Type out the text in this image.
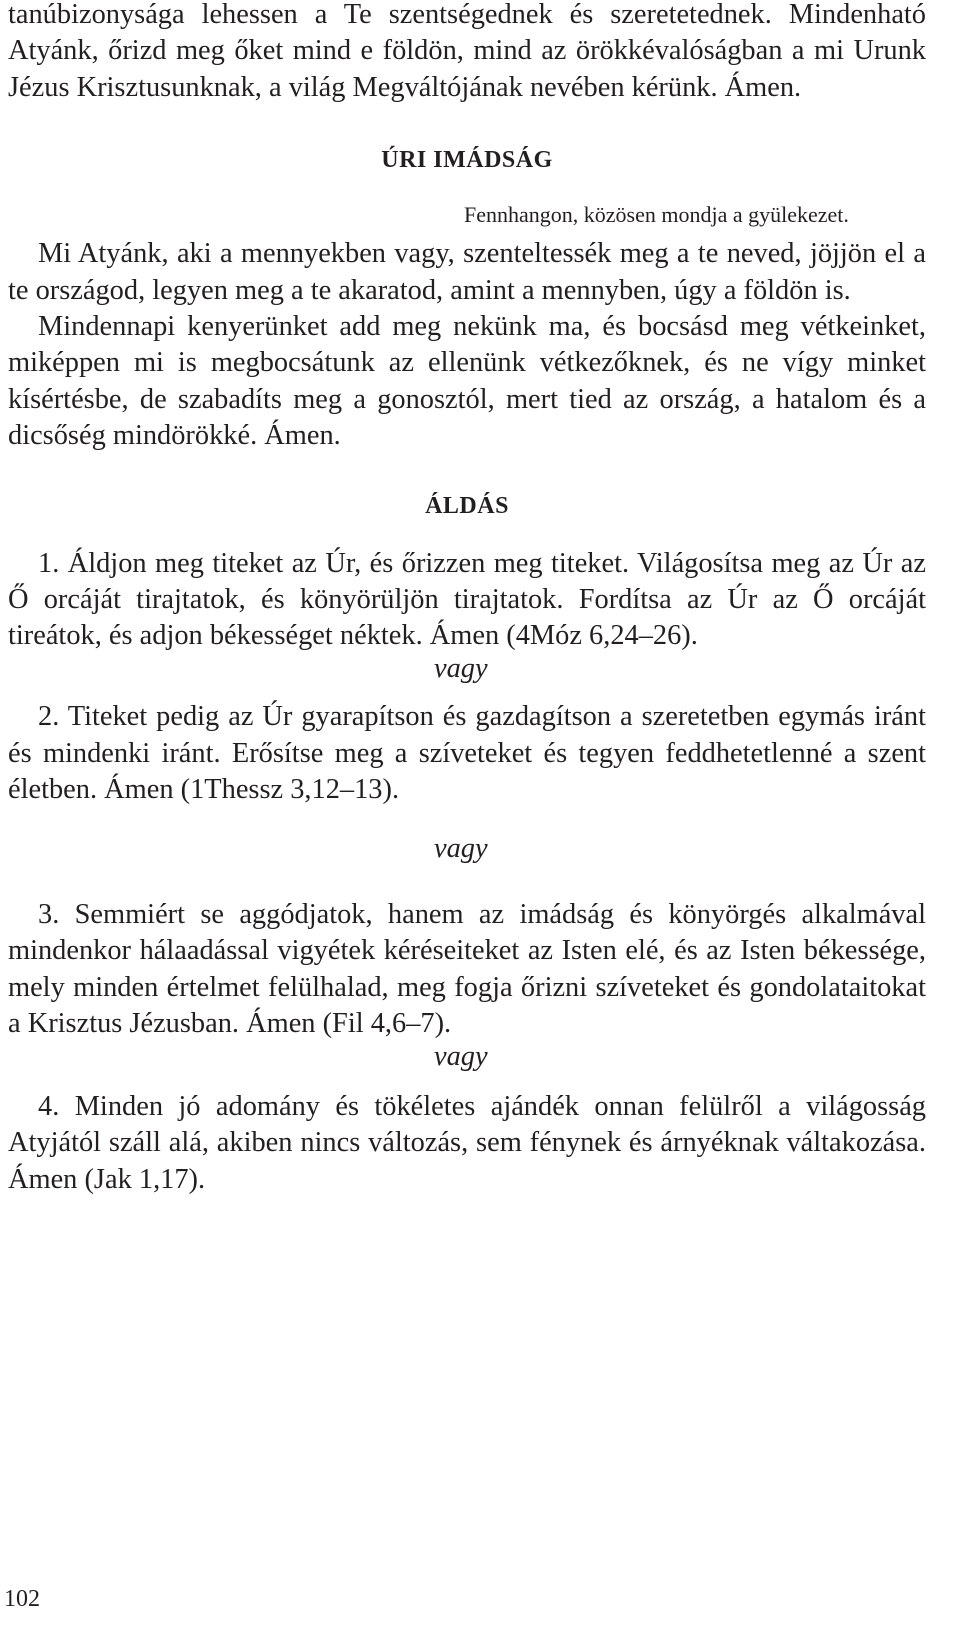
tanúbizonysága lehessen a Te szentségednek és szeretetednek. Mindenható Atyánk, őrizd meg őket mind e földön, mind az örökkévalóságban a mi Urunk Jézus Krisztusunknak, a világ Megváltójának nevében kérünk. Ámen.

ÚRI IMÁDSÁG

Fennhangon, közösen mondja a gyülekezet.

Mi Atyánk, aki a mennyekben vagy, szenteltessék meg a te neved, jöjjön el a te országod, legyen meg a te akaratod, amint a mennyben, úgy a földön is.

Mindennapi kenyerünket add meg nekünk ma, és bocsásd meg vétkeinket, miképpen mi is megbocsátunk az ellenünk vétkezőknek, és ne vígy minket kísértésbe, de szabadíts meg a gonosztól, mert tied az ország, a hatalom és a dicsőség mindörökké. Ámen.

ÁLDÁS

1. Áldjon meg titeket az Úr, és őrizzen meg titeket. Világosítsa meg az Úr az Ő orcáját tirajtatok, és könyörüljön tirajtatok. Fordítsa az Úr az Ő orcáját tireátok, és adjon békességet néktek. Ámen (4Móz 6,24–26).

vagy

2. Titeket pedig az Úr gyarapítson és gazdagítson a szeretetben egymás iránt és mindenki iránt. Erősítse meg a szíveteket és tegyen feddhetetlenné a szent életben. Ámen (1Thessz 3,12–13).

vagy

3. Semmiért se aggódjatok, hanem az imádság és könyörgés alkalmával mindenkor hálaadással vigyétek kéréseiteket az Isten elé, és az Isten békessége, mely minden értelmet felülhalad, meg fogja őrizni szíveteket és gondolataitokat a Krisztus Jézusban. Ámen (Fil 4,6–7).

vagy

4. Minden jó adomány és tökéletes ajándék onnan felülről a világosság Atyjától száll alá, akiben nincs változás, sem fénynek és árnyéknak váltakozása. Ámen (Jak 1,17).

102
